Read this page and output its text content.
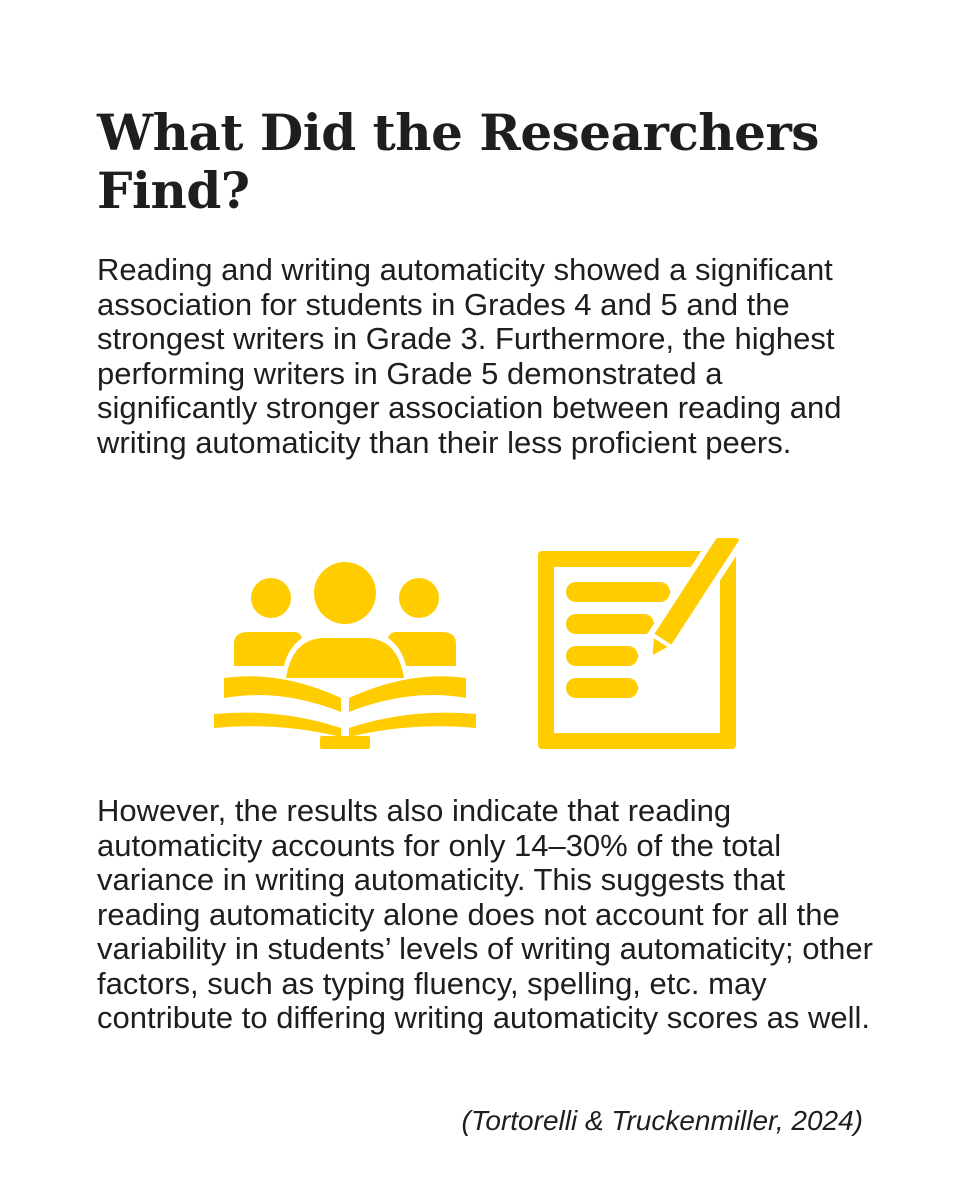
What Did the Researchers Find?

Reading and writing automaticity showed a significant association for students in Grades 4 and 5 and the strongest writers in Grade 3. Furthermore, the highest performing writers in Grade 5 demonstrated a significantly stronger association between reading and writing automaticity than their less proficient peers.

However, the results also indicate that reading automaticity accounts for only 14–30% of the total variance in writing automaticity. This suggests that reading automaticity alone does not account for all the variability in students’ levels of writing automaticity; other factors, such as typing fluency, spelling, etc. may contribute to differing writing automaticity scores as well.

(Tortorelli & Truckenmiller, 2024)
